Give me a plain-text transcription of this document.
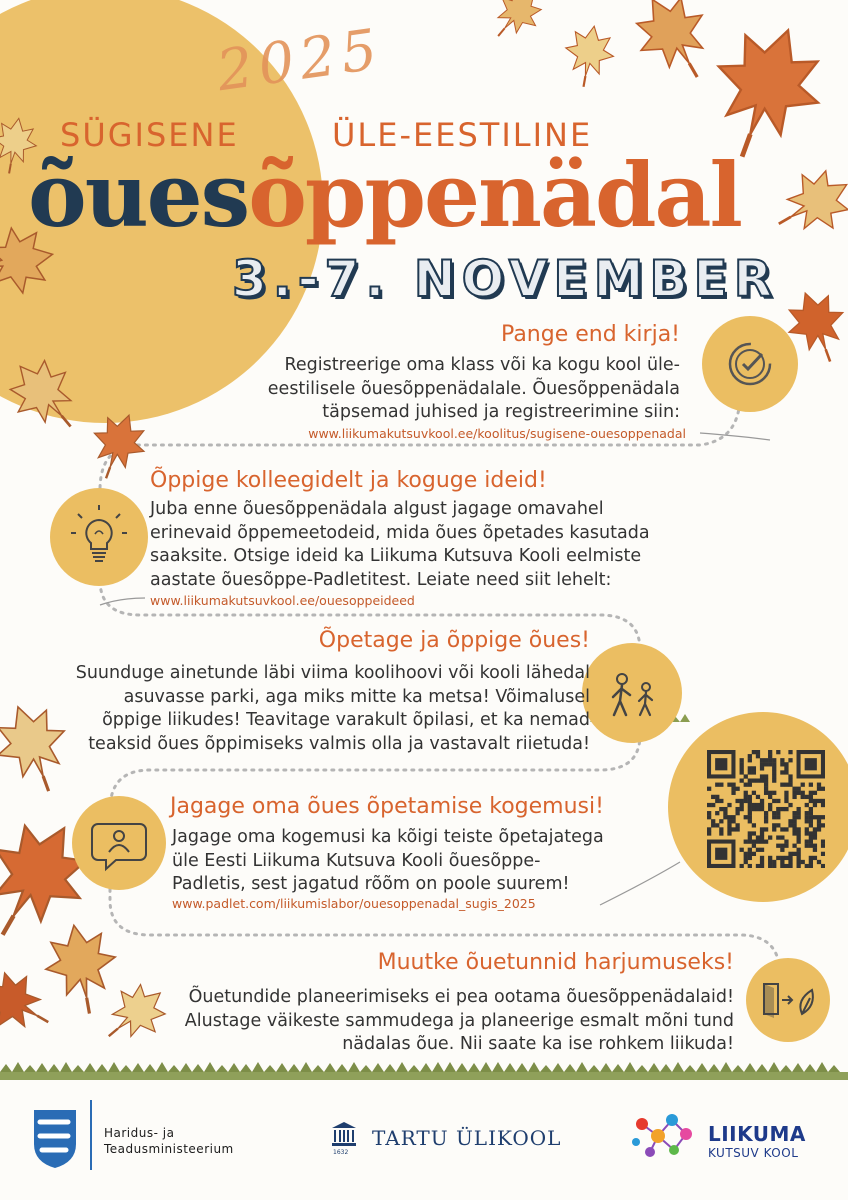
2025
SÜGISENE	ÜLE-EESTILINE
õuesõppenädal
3.-7. NOVEMBER
Pange end kirja!
Registreerige oma klass või ka kogu kool üle-
eestilisele õuesõppenädalale. Õuesõppenädala
täpsemad juhised ja registreerimine siin:
www.liikumakutsuvkool.ee/koolitus/sugisene-ouesoppenadal
Õppige kolleegidelt ja koguge ideid!
Juba enne õuesõppenädala algust jagage omavahel
erinevaid õppemeetodeid, mida õues õpetades kasutada
saaksite. Otsige ideid ka Liikuma Kutsuva Kooli eelmiste
aastate õuesõppe-Padletitest. Leiate need siit lehelt:
www.liikumakutsuvkool.ee/ouesoppeideed
Õpetage ja õppige õues!
Suunduge ainetunde läbi viima koolihoovi või kooli lähedal
asuvasse parki, aga miks mitte ka metsa! Võimalusel
õppige liikudes! Teavitage varakult õpilasi, et ka nemad
teaksid õues õppimiseks valmis olla ja vastavalt riietuda!
Jagage oma õues õpetamise kogemusi!
Jagage oma kogemusi ka kõigi teiste õpetajatega
üle Eesti Liikuma Kutsuva Kooli õuesõppe-
Padletis, sest jagatud rõõm on poole suurem!
www.padlet.com/liikumislabor/ouesoppenadal_sugis_2025
Muutke õuetunnid harjumuseks!
Õuetundide planeerimiseks ei pea ootama õuesõppenädalaid!
Alustage väikeste sammudega ja planeerige esmalt mõni tund
nädalas õue. Nii saate ka ise rohkem liikuda!
Haridus- ja
Teadusministeerium	1632
TARTU ÜLIKOOL	LIIKUMA
KUTSUV KOOL
